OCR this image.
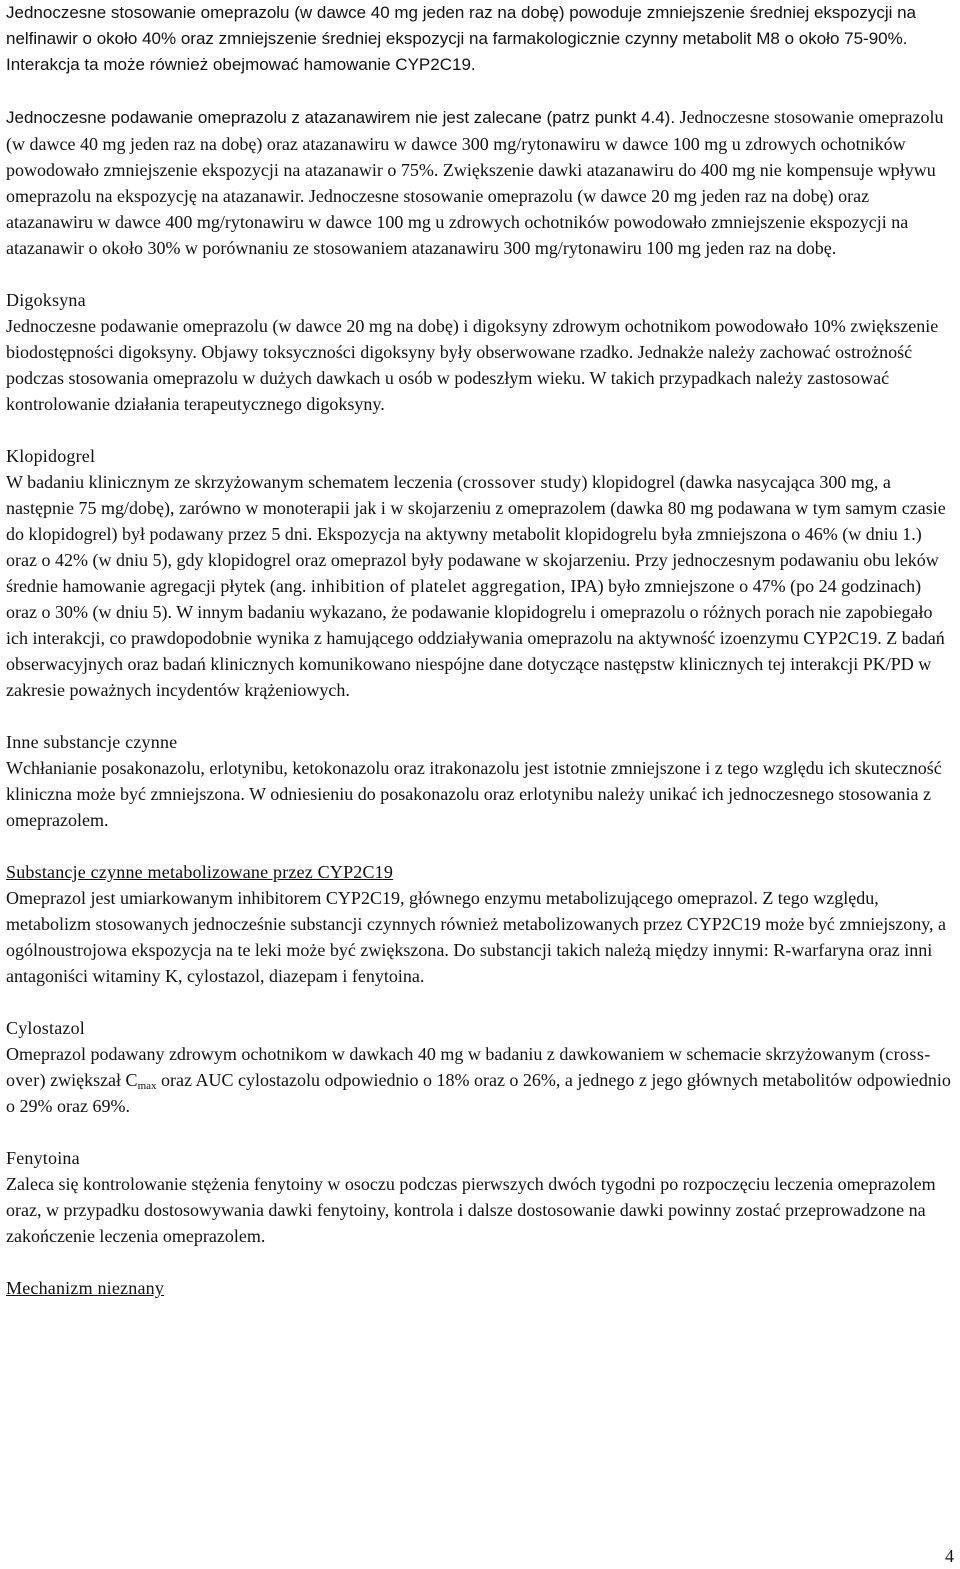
Jednoczesne stosowanie omeprazolu (w dawce 40 mg jeden raz na dobę) powoduje zmniejszenie średniej ekspozycji na nelfinawir o około 40% oraz zmniejszenie średniej ekspozycji na farmakologicznie czynny metabolit M8 o około 75-90%. Interakcja ta może również obejmować hamowanie CYP2C19.

Jednoczesne podawanie omeprazolu z atazanawirem nie jest zalecane (patrz punkt 4.4). Jednoczesne stosowanie omeprazolu (w dawce 40 mg jeden raz na dobę) oraz atazanawiru w dawce 300 mg/rytonawiru w dawce 100 mg u zdrowych ochotników powodowało zmniejszenie ekspozycji na atazanawir o 75%. Zwiększenie dawki atazanawiru do 400 mg nie kompensuje wpływu omeprazolu na ekspozycję na atazanawir. Jednoczesne stosowanie omeprazolu (w dawce 20 mg jeden raz na dobę) oraz atazanawiru w dawce 400 mg/rytonawiru w dawce 100 mg u zdrowych ochotników powodowało zmniejszenie ekspozycji na atazanawir o około 30% w porównaniu ze stosowaniem atazanawiru 300 mg/rytonawiru 100 mg jeden raz na dobę.

Digoksyna

Jednoczesne podawanie omeprazolu (w dawce 20 mg na dobę) i digoksyny zdrowym ochotnikom powodowało 10% zwiększenie biodostępności digoksyny. Objawy toksyczności digoksyny były obserwowane rzadko. Jednakże należy zachować ostrożność podczas stosowania omeprazolu w dużych dawkach u osób w podeszłym wieku. W takich przypadkach należy zastosować kontrolowanie działania terapeutycznego digoksyny.

Klopidogrel

W badaniu klinicznym ze skrzyżowanym schematem leczenia (crossover study) klopidogrel (dawka nasycająca 300 mg, a następnie 75 mg/dobę), zarówno w monoterapii jak i w skojarzeniu z omeprazolem (dawka 80 mg podawana w tym samym czasie do klopidogrel) był podawany przez 5 dni. Ekspozycja na aktywny metabolit klopidogrelu była zmniejszona o 46% (w dniu 1.) oraz o 42% (w dniu 5), gdy klopidogrel oraz omeprazol były podawane w skojarzeniu. Przy jednoczesnym podawaniu obu leków średnie hamowanie agregacji płytek (ang. inhibition of platelet aggregation, IPA) było zmniejszone o 47% (po 24 godzinach) oraz o 30% (w dniu 5). W innym badaniu wykazano, że podawanie klopidogrelu i omeprazolu o różnych porach nie zapobiegało ich interakcji, co prawdopodobnie wynika z hamującego oddziaływania omeprazolu na aktywność izoenzymu CYP2C19. Z badań obserwacyjnych oraz badań klinicznych komunikowano niespójne dane dotyczące następstw klinicznych tej interakcji PK/PD w zakresie poważnych incydentów krążeniowych.

Inne substancje czynne

Wchłanianie posakonazolu, erlotynibu, ketokonazolu oraz itrakonazolu jest istotnie zmniejszone i z tego względu ich skuteczność kliniczna może być zmniejszona. W odniesieniu do posakonazolu oraz erlotynibu należy unikać ich jednoczesnego stosowania z omeprazolem.

Substancje czynne metabolizowane przez CYP2C19

Omeprazol jest umiarkowanym inhibitorem CYP2C19, głównego enzymu metabolizującego omeprazol. Z tego względu, metabolizm stosowanych jednocześnie substancji czynnych również metabolizowanych przez CYP2C19 może być zmniejszony, a ogólnoustrojowa ekspozycja na te leki może być zwiększona. Do substancji takich należą między innymi: R-warfaryna oraz inni antagoniści witaminy K, cylostazol, diazepam i fenytoina.

Cylostazol

Omeprazol podawany zdrowym ochotnikom w dawkach 40 mg w badaniu z dawkowaniem w schemacie skrzyżowanym (cross-over) zwiększał $C_{max}$ oraz AUC cylostazolu odpowiednio o 18% oraz o 26%, a jednego z jego głównych metabolitów odpowiednio o 29% oraz 69%.

Fenytoina

Zaleca się kontrolowanie stężenia fenytoiny w osoczu podczas pierwszych dwóch tygodni po rozpoczęciu leczenia omeprazolem oraz, w przypadku dostosowywania dawki fenytoiny, kontrola i dalsze dostosowanie dawki powinny zostać przeprowadzone na zakończenie leczenia omeprazolem.

Mechanizm nieznany

4
